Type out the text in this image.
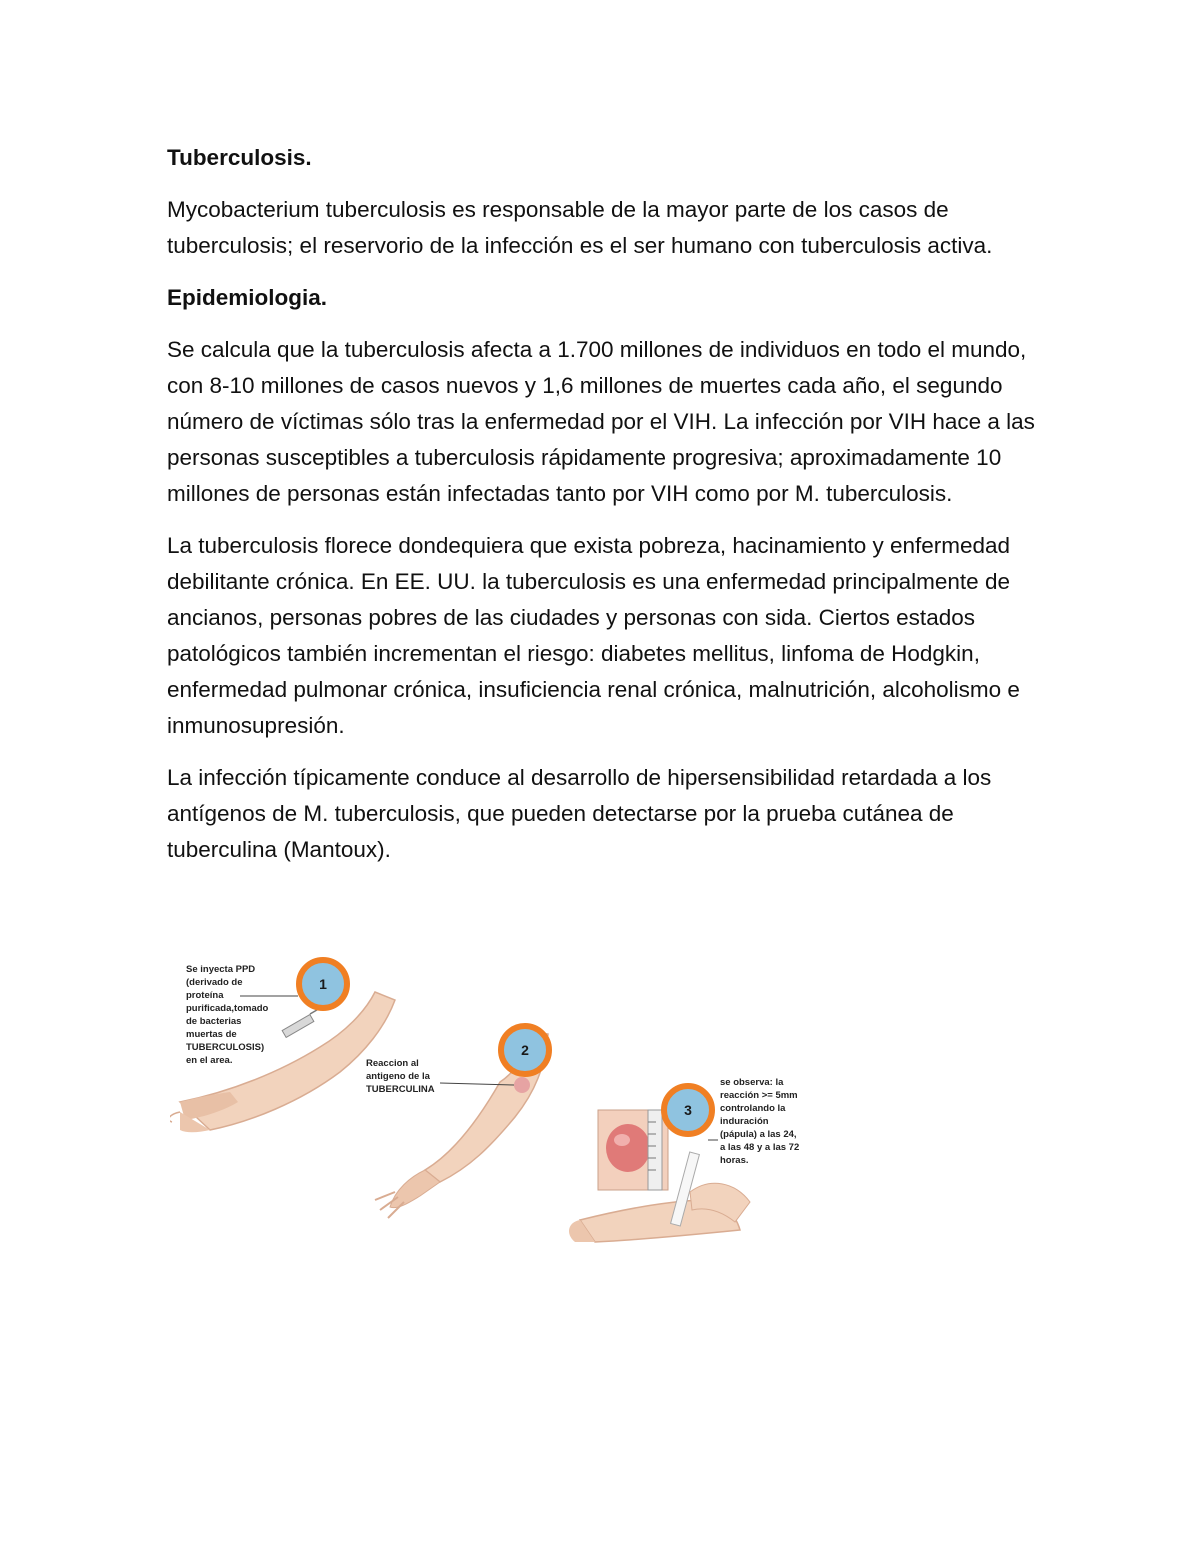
Tuberculosis.

Mycobacterium tuberculosis es responsable de la mayor parte de los casos de tuberculosis; el reservorio de la infección es el ser humano con tuberculosis activa.

Epidemiologia.

Se calcula que la tuberculosis afecta a 1.700 millones de individuos en todo el mundo, con 8-10 millones de casos nuevos y 1,6 millones de muertes cada año, el segundo número de víctimas sólo tras la enfermedad por el VIH. La infección por VIH hace a las personas susceptibles a tuberculosis rápidamente progresiva; aproximadamente 10 millones de personas están infectadas tanto por VIH como por M. tuberculosis.

La tuberculosis florece dondequiera que exista pobreza, hacinamiento y enfermedad debilitante crónica. En EE. UU. la tuberculosis es una enfermedad principalmente de ancianos, personas pobres de las ciudades y personas con sida. Ciertos estados patológicos también incrementan el riesgo: diabetes mellitus, linfoma de Hodgkin, enfermedad pulmonar crónica, insuficiencia renal crónica, malnutrición, alcoholismo e inmunosupresión.

La infección típicamente conduce al desarrollo de hipersensibilidad retardada a los antígenos de M. tuberculosis, que pueden detectarse por la prueba cutánea de tuberculina (Mantoux).

1
Se inyecta PPD (derivado de proteína purificada,tomado de bacterias muertas de TUBERCULOSIS) en el area.
2
Reaccion al antigeno de la TUBERCULINA
3
se observa: la reacción >= 5mm controlando la induración (pápula) a las 24, a las 48 y a las 72 horas.
